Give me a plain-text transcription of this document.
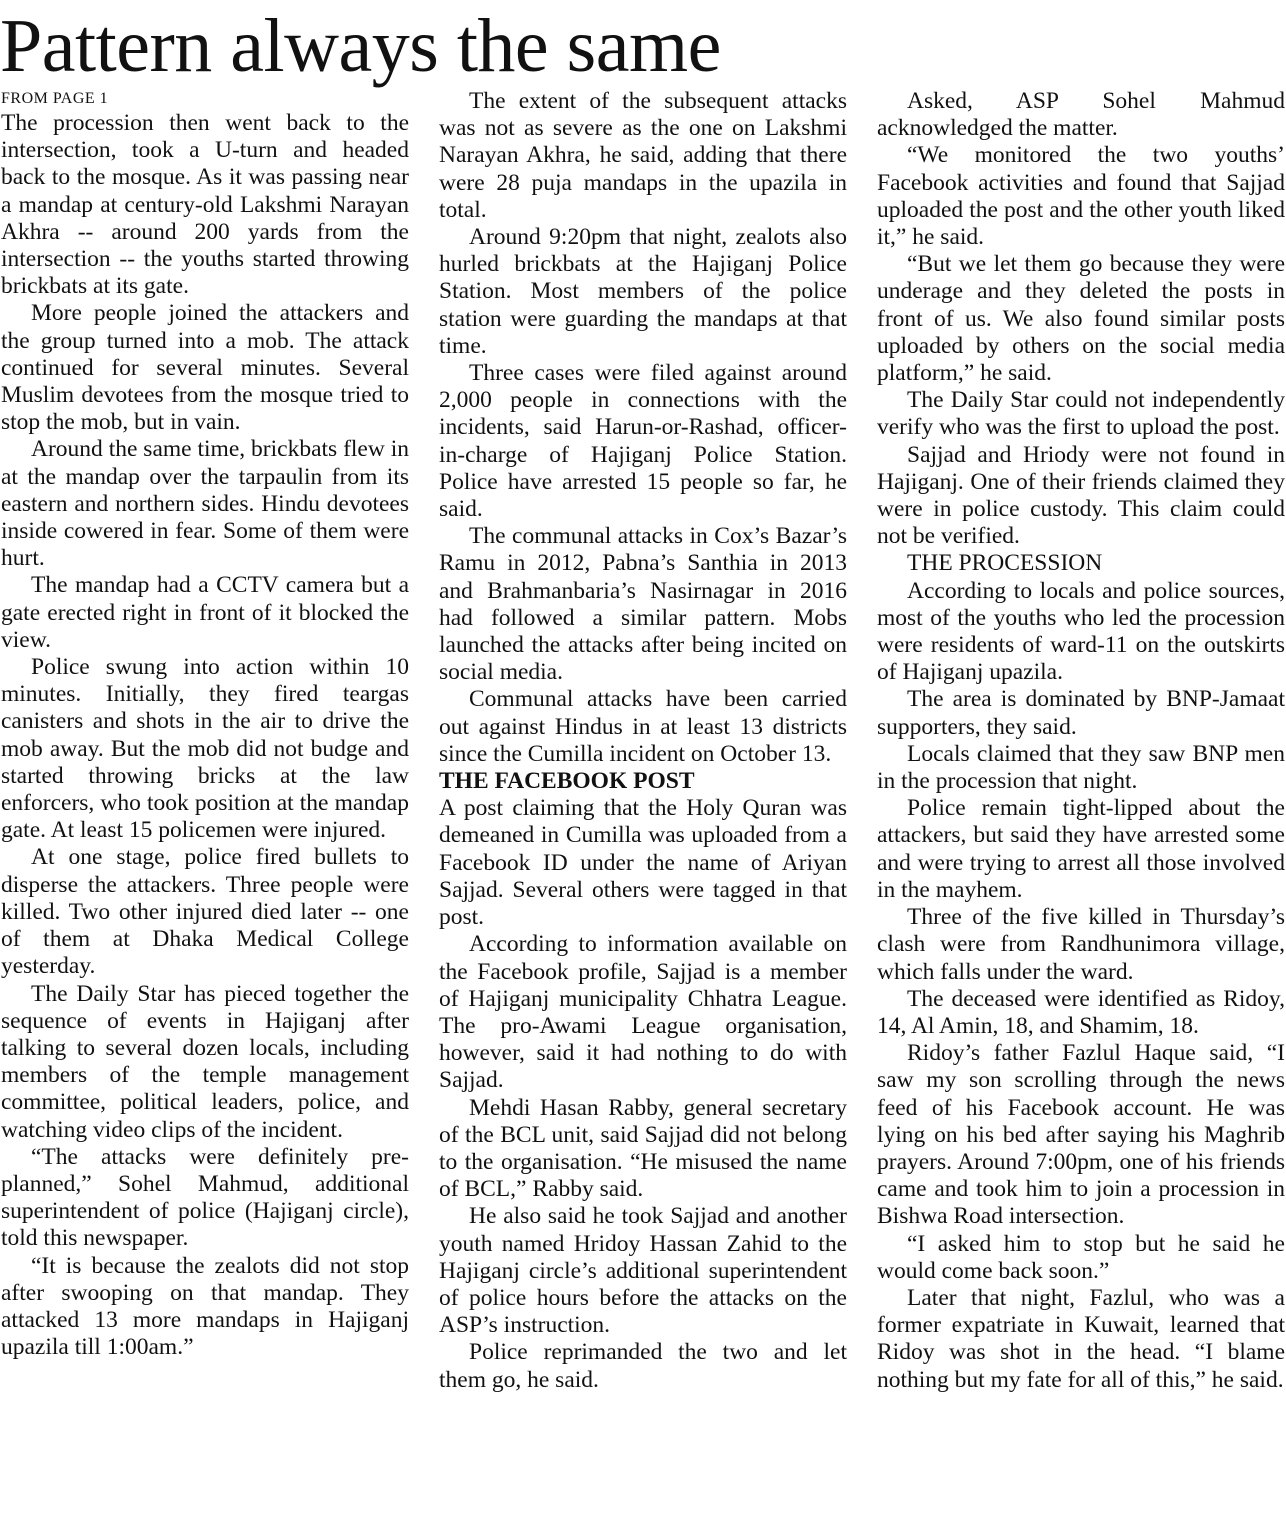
Pattern always the same
FROM PAGE 1

The procession then went back to the intersection, took a U-turn and headed back to the mosque. As it was passing near a mandap at century-old Lakshmi Narayan Akhra -- around 200 yards from the intersection -- the youths started throwing brickbats at its gate.

More people joined the attackers and the group turned into a mob. The attack continued for several minutes. Several Muslim devotees from the mosque tried to stop the mob, but in vain.

Around the same time, brickbats flew in at the mandap over the tarpaulin from its eastern and northern sides. Hindu devotees inside cowered in fear. Some of them were hurt.

The mandap had a CCTV camera but a gate erected right in front of it blocked the view.

Police swung into action within 10 minutes. Initially, they fired teargas canisters and shots in the air to drive the mob away. But the mob did not budge and started throwing bricks at the law enforcers, who took position at the mandap gate. At least 15 policemen were injured.

At one stage, police fired bullets to disperse the attackers. Three people were killed. Two other injured died later -- one of them at Dhaka Medical College yesterday.

The Daily Star has pieced together the sequence of events in Hajiganj after talking to several dozen locals, including members of the temple management committee, political leaders, police, and watching video clips of the incident.

“The attacks were definitely pre-planned,” Sohel Mahmud, additional superintendent of police (Hajiganj circle), told this newspaper.

“It is because the zealots did not stop after swooping on that mandap. They attacked 13 more mandaps in Hajiganj upazila till 1:00am.”

The extent of the subsequent attacks was not as severe as the one on Lakshmi Narayan Akhra, he said, adding that there were 28 puja mandaps in the upazila in total.

Around 9:20pm that night, zealots also hurled brickbats at the Hajiganj Police Station. Most members of the police station were guarding the mandaps at that time.

Three cases were filed against around 2,000 people in connections with the incidents, said Harun-or-Rashad, officer-in-charge of Hajiganj Police Station. Police have arrested 15 people so far, he said.

The communal attacks in Cox’s Bazar’s Ramu in 2012, Pabna’s Santhia in 2013 and Brahmanbaria’s Nasirnagar in 2016 had followed a similar pattern. Mobs launched the attacks after being incited on social media.

Communal attacks have been carried out against Hindus in at least 13 districts since the Cumilla incident on October 13.

THE FACEBOOK POST

A post claiming that the Holy Quran was demeaned in Cumilla was uploaded from a Facebook ID under the name of Ariyan Sajjad. Several others were tagged in that post.

According to information available on the Facebook profile, Sajjad is a member of Hajiganj municipality Chhatra League. The pro-Awami League organisation, however, said it had nothing to do with Sajjad.

Mehdi Hasan Rabby, general secretary of the BCL unit, said Sajjad did not belong to the organisation. “He misused the name of BCL,” Rabby said.

He also said he took Sajjad and another youth named Hridoy Hassan Zahid to the Hajiganj circle’s additional superintendent of police hours before the attacks on the ASP’s instruction.

Police reprimanded the two and let them go, he said.

Asked, ASP Sohel Mahmud acknowledged the matter.

“We monitored the two youths’ Facebook activities and found that Sajjad uploaded the post and the other youth liked it,” he said.

“But we let them go because they were underage and they deleted the posts in front of us. We also found similar posts uploaded by others on the social media platform,” he said.

The Daily Star could not independently verify who was the first to upload the post.

Sajjad and Hriody were not found in Hajiganj. One of their friends claimed they were in police custody. This claim could not be verified.

THE PROCESSION

According to locals and police sources, most of the youths who led the procession were residents of ward-11 on the outskirts of Hajiganj upazila.

The area is dominated by BNP-Jamaat supporters, they said.

Locals claimed that they saw BNP men in the procession that night.

Police remain tight-lipped about the attackers, but said they have arrested some and were trying to arrest all those involved in the mayhem.

Three of the five killed in Thursday’s clash were from Randhunimora village, which falls under the ward.

The deceased were identified as Ridoy, 14, Al Amin, 18, and Shamim, 18.

Ridoy’s father Fazlul Haque said, “I saw my son scrolling through the news feed of his Facebook account. He was lying on his bed after saying his Maghrib prayers. Around 7:00pm, one of his friends came and took him to join a procession in Bishwa Road intersection.

“I asked him to stop but he said he would come back soon.”

Later that night, Fazlul, who was a former expatriate in Kuwait, learned that Ridoy was shot in the head. “I blame nothing but my fate for all of this,” he said.
